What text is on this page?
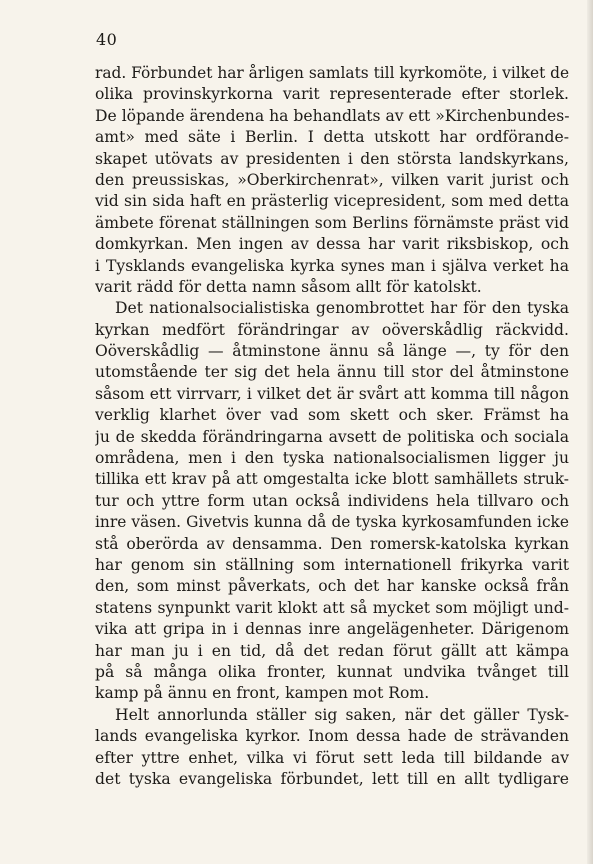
40
rad. Förbundet har årligen samlats till kyrkomöte, i vilket de
olika provinskyrkorna varit representerade efter storlek.
De löpande ärendena ha behandlats av ett »Kirchenbundes-
amt» med säte i Berlin. I detta utskott har ordförande-
skapet utövats av presidenten i den största landskyrkans,
den preussiskas, »Oberkirchenrat», vilken varit jurist och
vid sin sida haft en prästerlig vicepresident, som med detta
ämbete förenat ställningen som Berlins förnämste präst vid
domkyrkan. Men ingen av dessa har varit riksbiskop, och
i Tysklands evangeliska kyrka synes man i själva verket ha
varit rädd för detta namn såsom allt för katolskt.
Det nationalsocialistiska genombrottet har för den tyska
kyrkan medfört förändringar av oöverskådlig räckvidd.
Oöverskådlig — åtminstone ännu så länge —, ty för den
utomstående ter sig det hela ännu till stor del åtminstone
såsom ett virrvarr, i vilket det är svårt att komma till någon
verklig klarhet över vad som skett och sker. Främst ha
ju de skedda förändringarna avsett de politiska och sociala
områdena, men i den tyska nationalsocialismen ligger ju
tillika ett krav på att omgestalta icke blott samhällets struk-
tur och yttre form utan också individens hela tillvaro och
inre väsen. Givetvis kunna då de tyska kyrkosamfunden icke
stå oberörda av densamma. Den romersk-katolska kyrkan
har genom sin ställning som internationell frikyrka varit
den, som minst påverkats, och det har kanske också från
statens synpunkt varit klokt att så mycket som möjligt und-
vika att gripa in i dennas inre angelägenheter. Därigenom
har man ju i en tid, då det redan förut gällt att kämpa
på så många olika fronter, kunnat undvika tvånget till
kamp på ännu en front, kampen mot Rom.
Helt annorlunda ställer sig saken, när det gäller Tysk-
lands evangeliska kyrkor. Inom dessa hade de strävanden
efter yttre enhet, vilka vi förut sett leda till bildande av
det tyska evangeliska förbundet, lett till en allt tydligare
